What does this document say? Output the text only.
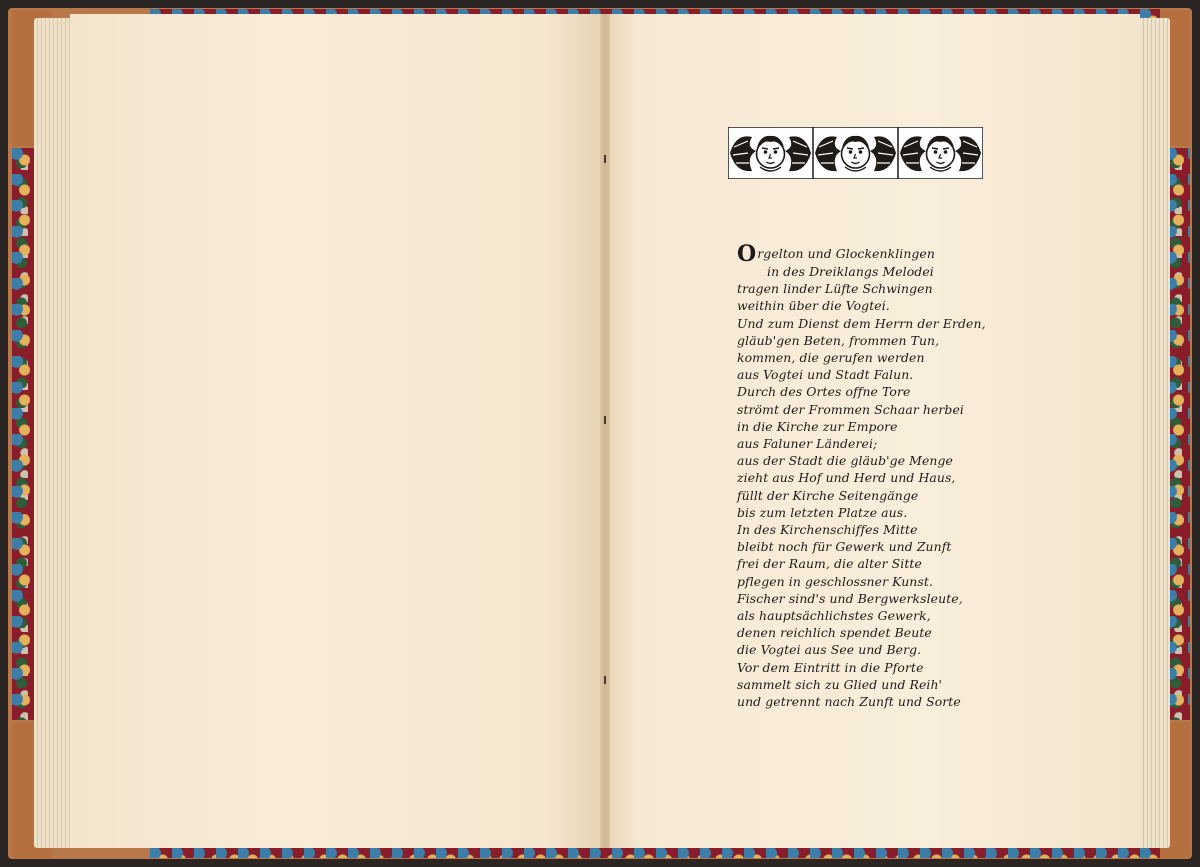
Orgelton und Glockenklingen
in des Dreiklangs Melodei
tragen linder Lüfte Schwingen
weithin über die Vogtei.
Und zum Dienst dem Herrn der Erden,
gläub'gen Beten, frommen Tun,
kommen, die gerufen werden
aus Vogtei und Stadt Falun.
Durch des Ortes offne Tore
strömt der Frommen Schaar herbei
in die Kirche zur Empore
aus Faluner Länderei;
aus der Stadt die gläub'ge Menge
zieht aus Hof und Herd und Haus,
füllt der Kirche Seitengänge
bis zum letzten Platze aus.
In des Kirchenschiffes Mitte
bleibt noch für Gewerk und Zunft
frei der Raum, die alter Sitte
pflegen in geschlossner Kunst.
Fischer sind's und Bergwerksleute,
als hauptsächlichstes Gewerk,
denen reichlich spendet Beute
die Vogtei aus See und Berg.
Vor dem Eintritt in die Pforte
sammelt sich zu Glied und Reih'
und getrennt nach Zunft und Sorte
